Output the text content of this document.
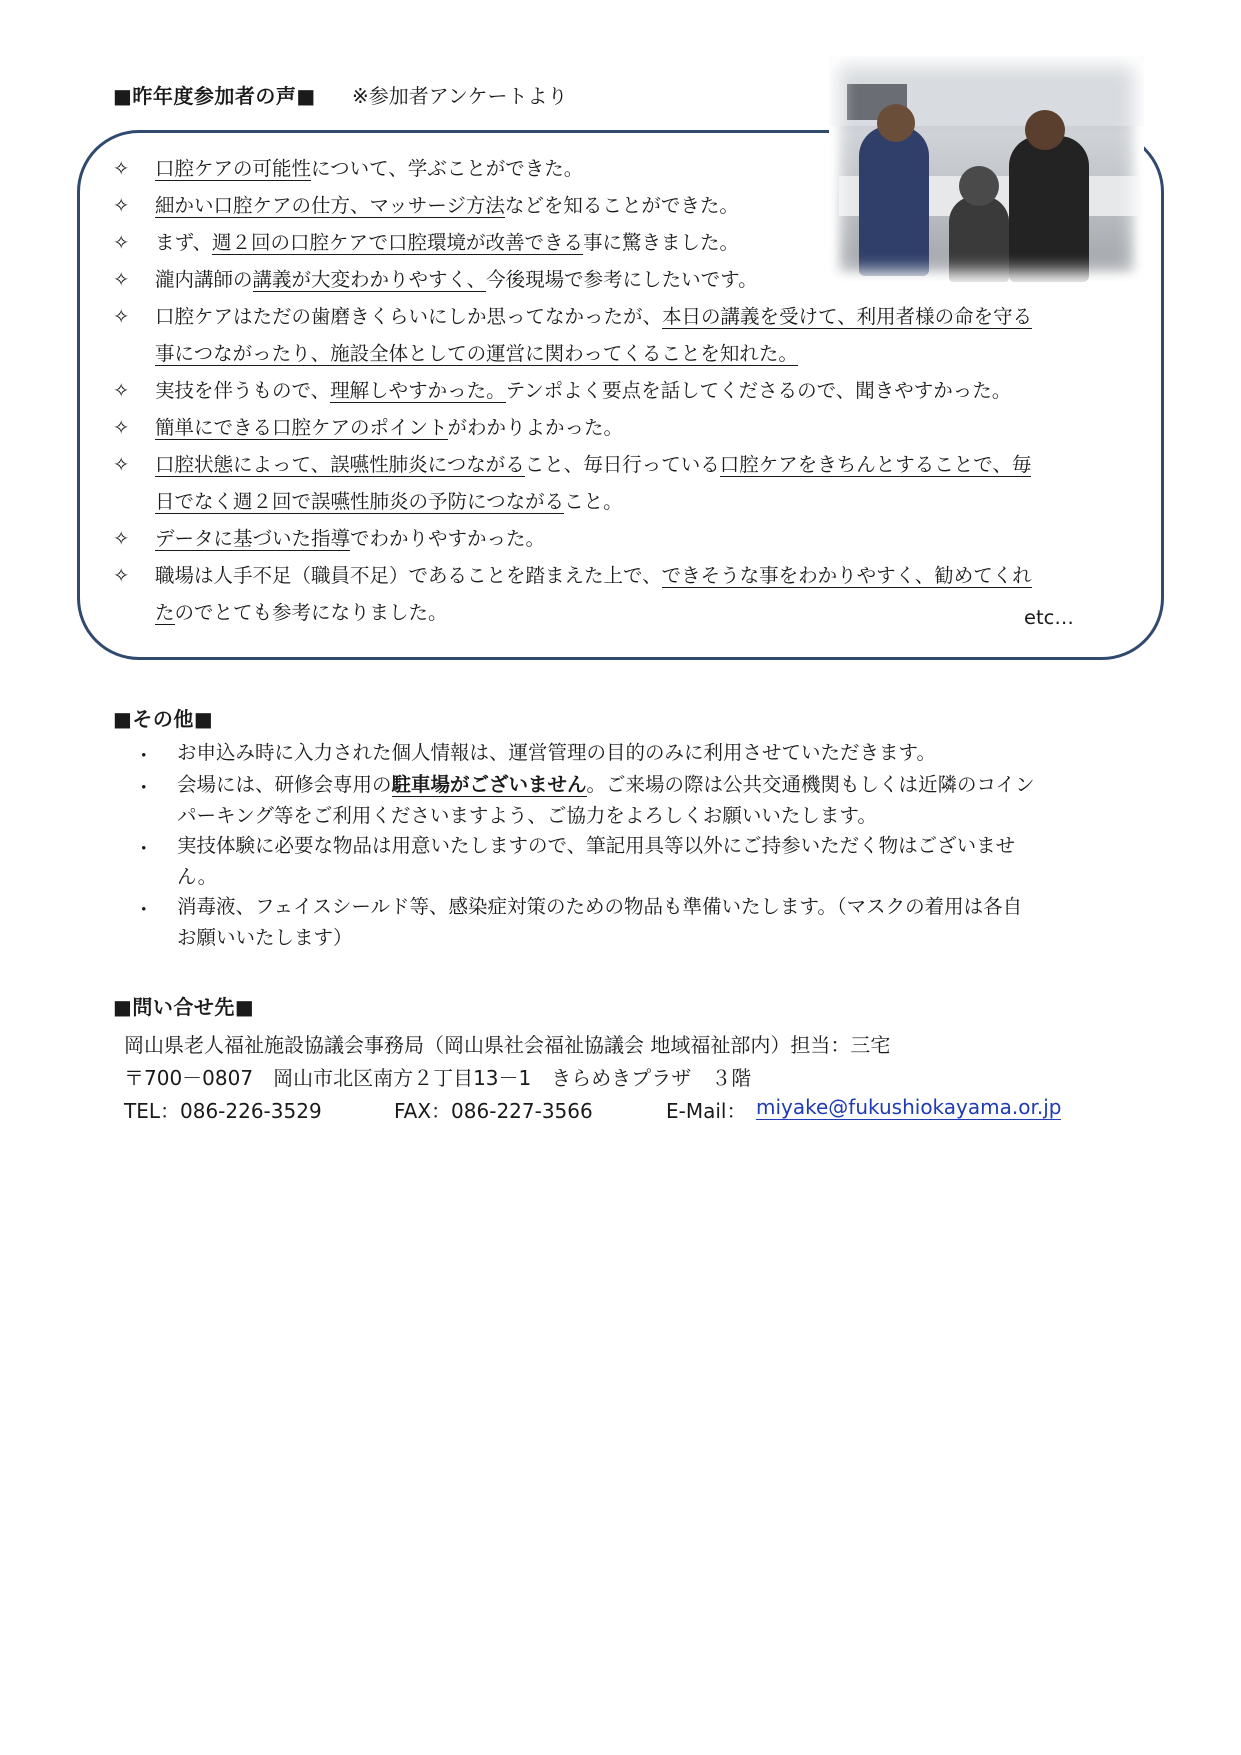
■昨年度参加者の声■ ※参加者アンケートより
✧	口腔ケアの可能性について、学ぶことができた。
✧	細かい口腔ケアの仕方、マッサージ方法などを知ることができた。
✧	まず、週２回の口腔ケアで口腔環境が改善できる事に驚きました。
✧	瀧内講師の講義が大変わかりやすく、今後現場で参考にしたいです。
✧	口腔ケアはただの歯磨きくらいにしか思ってなかったが、本日の講義を受けて、利用者様の命を守る
事につながったり、施設全体としての運営に関わってくることを知れた。
✧	実技を伴うもので、理解しやすかった。テンポよく要点を話してくださるので、聞きやすかった。
✧	簡単にできる口腔ケアのポイントがわかりよかった。
✧	口腔状態によって、誤嚥性肺炎につながること、毎日行っている口腔ケアをきちんとすることで、毎
日でなく週２回で誤嚥性肺炎の予防につながること。
✧	データに基づいた指導でわかりやすかった。
✧	職場は人手不足（職員不足）であることを踏まえた上で、できそうな事をわかりやすく、勧めてくれ
たのでとても参考になりました。	etc…
■その他■
・ お申込み時に入力された個人情報は、運営管理の目的のみに利用させていただきます。
・ 会場には、研修会専用の駐車場がございません。ご来場の際は公共交通機関もしくは近隣のコイン
パーキング等をご利用くださいますよう、ご協力をよろしくお願いいたします。
・ 実技体験に必要な物品は用意いたしますので、筆記用具等以外にご持参いただく物はございませ
ん。
・ 消毒液、フェイスシールド等、感染症対策のための物品も準備いたします。（マスクの着用は各自
お願いいたします）
■問い合せ先■
岡山県老人福祉施設協議会事務局（岡山県社会福祉協議会 地域福祉部内）担当：三宅
〒700－0807　岡山市北区南方２丁目13－1　きらめきプラザ　３階
TEL：086-226-3529	FAX：086-227-3566	E-Mail： miyake@fukushiokayama.or.jp
